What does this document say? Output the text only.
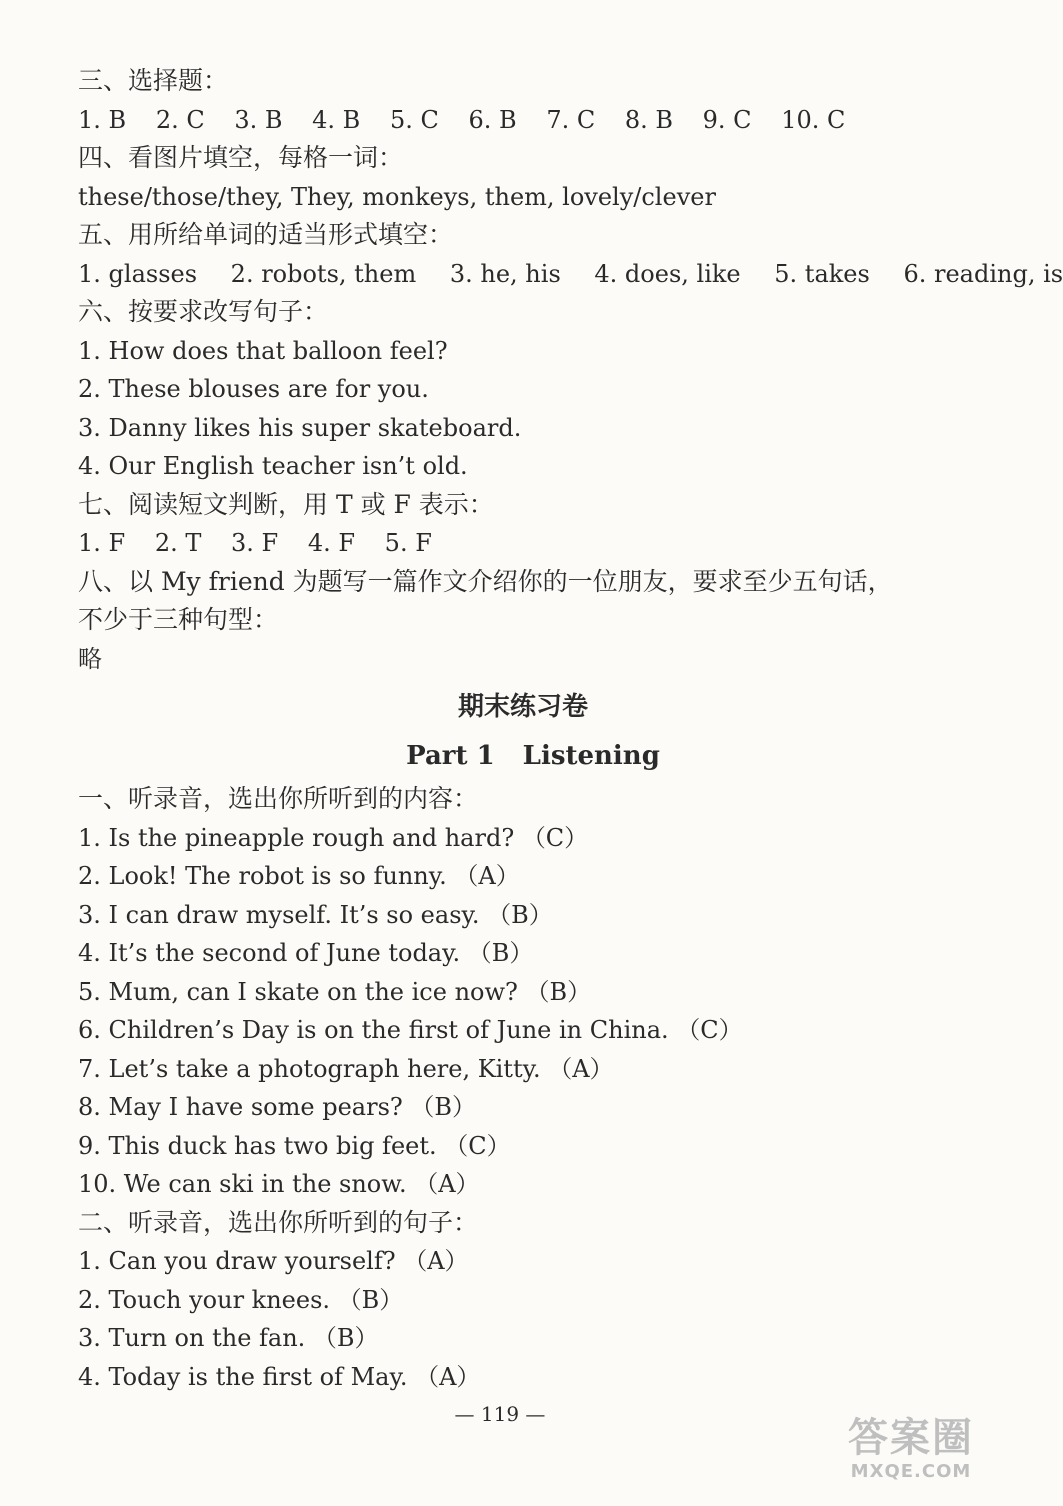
三、选择题：
1. B 2. C 3. B 4. B 5. C 6. B 7. C 8. B 9. C 10. C
四、看图片填空，每格一词：
these/those/they, They, monkeys, them, lovely/clever
五、用所给单词的适当形式填空：
1. glasses 2. robots, them 3. he, his 4. does, like 5. takes 6. reading, is
六、按要求改写句子：
1. How does that balloon feel?
2. These blouses are for you.
3. Danny likes his super skateboard.
4. Our English teacher isn’t old.
七、阅读短文判断，用 T 或 F 表示：
1. F 2. T 3. F 4. F 5. F
八、以 My friend 为题写一篇作文介绍你的一位朋友，要求至少五句话，
不少于三种句型：
略
期末练习卷
Part 1 Listening
一、听录音，选出你所听到的内容：
1. Is the pineapple rough and hard? （C）
2. Look! The robot is so funny. （A）
3. I can draw myself. It’s so easy. （B）
4. It’s the second of June today. （B）
5. Mum, can I skate on the ice now? （B）
6. Children’s Day is on the first of June in China. （C）
7. Let’s take a photograph here, Kitty. （A）
8. May I have some pears? （B）
9. This duck has two big feet. （C）
10. We can ski in the snow. （A）
二、听录音，选出你所听到的句子：
1. Can you draw yourself? （A）
2. Touch your knees. （B）
3. Turn on the fan. （B）
4. Today is the first of May. （A）
— 119 —
答案圈
MXQE.COM
